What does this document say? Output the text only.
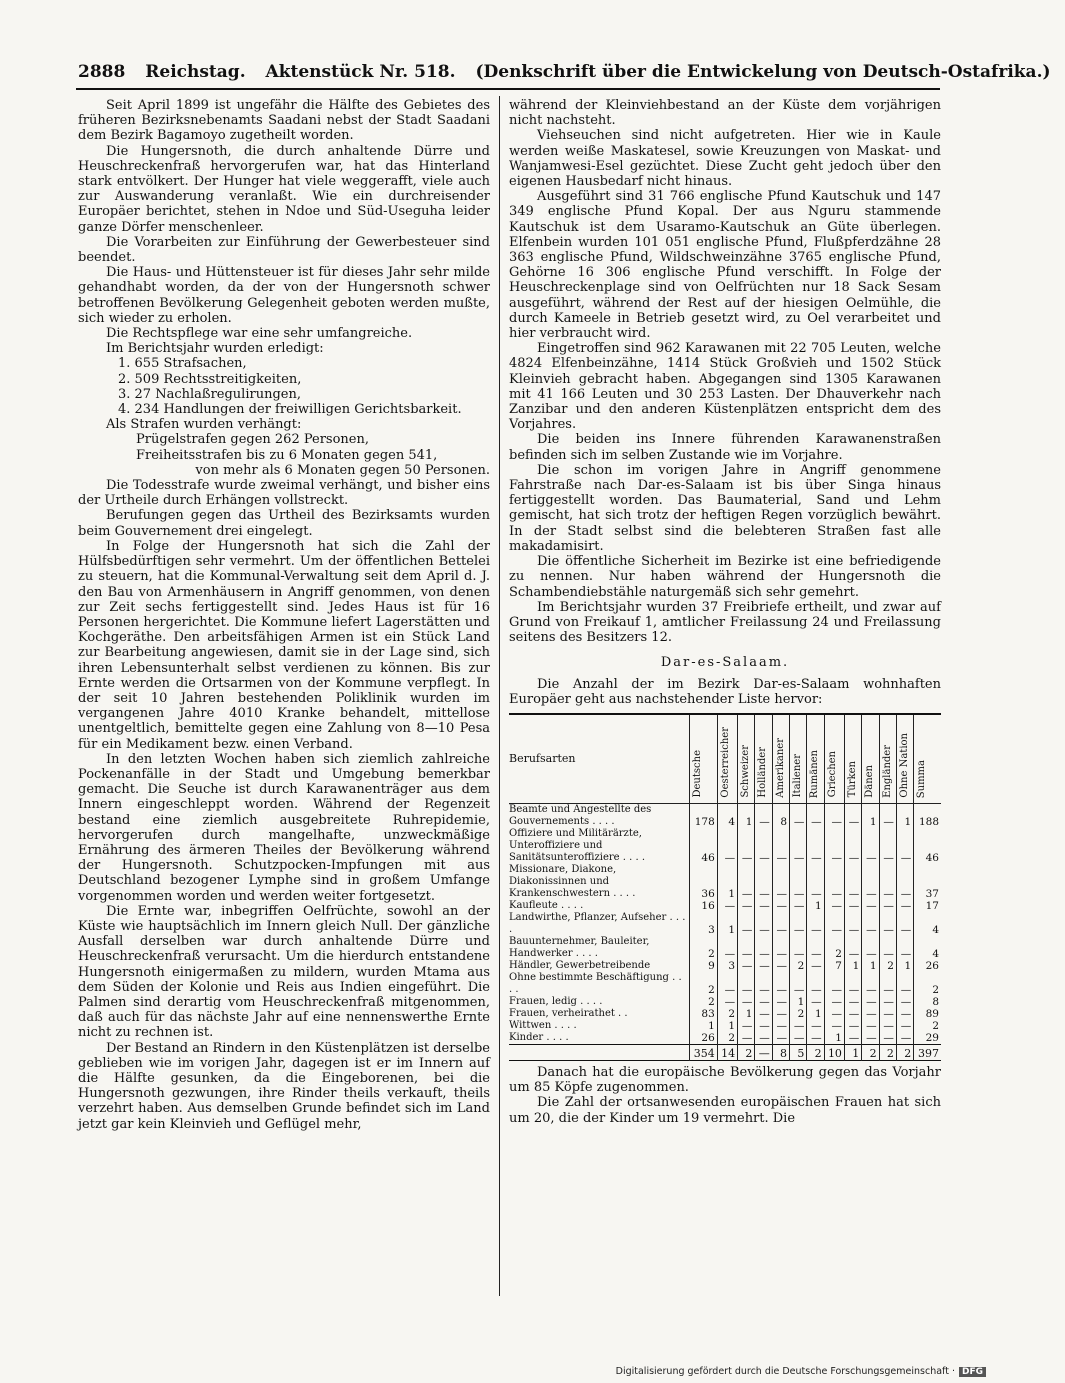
2888 Reichstag. Aktenstück Nr. 518. (Denkschrift über die Entwickelung von Deutsch-Ostafrika.)

Seit April 1899 ist ungefähr die Hälfte des Gebietes des früheren Bezirksnebenamts Saadani nebst der Stadt Saadani dem Bezirk Bagamoyo zugetheilt worden.

Die Hungersnoth, die durch anhaltende Dürre und Heuschreckenfraß hervorgerufen war, hat das Hinterland stark entvölkert. Der Hunger hat viele weggerafft, viele auch zur Auswanderung veranlaßt. Wie ein durchreisender Europäer berichtet, stehen in Ndoe und Süd-Useguha leider ganze Dörfer menschenleer.

Die Vorarbeiten zur Einführung der Gewerbesteuer sind beendet.

Die Haus- und Hüttensteuer ist für dieses Jahr sehr milde gehandhabt worden, da der von der Hungersnoth schwer betroffenen Bevölkerung Gelegenheit geboten werden mußte, sich wieder zu erholen.

Die Rechtspflege war eine sehr umfangreiche.

Im Berichtsjahr wurden erledigt:

1. 655 Strafsachen,
2. 509 Rechtsstreitigkeiten,
3. 27 Nachlaßregulirungen,
4. 234 Handlungen der freiwilligen Gerichtsbarkeit.

Als Strafen wurden verhängt:

Prügelstrafen gegen 262 Personen,
Freiheitsstrafen bis zu 6 Monaten gegen 541,
von mehr als 6 Monaten gegen 50 Personen.

Die Todesstrafe wurde zweimal verhängt, und bisher eins der Urtheile durch Erhängen vollstreckt.

Berufungen gegen das Urtheil des Bezirksamts wurden beim Gouvernement drei eingelegt.

In Folge der Hungersnoth hat sich die Zahl der Hülfsbedürftigen sehr vermehrt. Um der öffentlichen Bettelei zu steuern, hat die Kommunal-Verwaltung seit dem April d. J. den Bau von Armenhäusern in Angriff genommen, von denen zur Zeit sechs fertiggestellt sind. Jedes Haus ist für 16 Personen hergerichtet. Die Kommune liefert Lagerstätten und Kochgeräthe. Den arbeitsfähigen Armen ist ein Stück Land zur Bearbeitung angewiesen, damit sie in der Lage sind, sich ihren Lebensunterhalt selbst verdienen zu können. Bis zur Ernte werden die Ortsarmen von der Kommune verpflegt. In der seit 10 Jahren bestehenden Poliklinik wurden im vergangenen Jahre 4010 Kranke behandelt, mittellose unentgeltlich, bemittelte gegen eine Zahlung von 8—10 Pesa für ein Medikament bezw. einen Verband.

In den letzten Wochen haben sich ziemlich zahlreiche Pockenanfälle in der Stadt und Umgebung bemerkbar gemacht. Die Seuche ist durch Karawanenträger aus dem Innern eingeschleppt worden. Während der Regenzeit bestand eine ziemlich ausgebreitete Ruhrepidemie, hervorgerufen durch mangelhafte, unzweckmäßige Ernährung des ärmeren Theiles der Bevölkerung während der Hungersnoth. Schutzpocken-Impfungen mit aus Deutschland bezogener Lymphe sind in großem Umfange vorgenommen worden und werden weiter fortgesetzt.

Die Ernte war, inbegriffen Oelfrüchte, sowohl an der Küste wie hauptsächlich im Innern gleich Null. Der gänzliche Ausfall derselben war durch anhaltende Dürre und Heuschreckenfraß verursacht. Um die hierdurch entstandene Hungersnoth einigermaßen zu mildern, wurden Mtama aus dem Süden der Kolonie und Reis aus Indien eingeführt. Die Palmen sind derartig vom Heuschreckenfraß mitgenommen, daß auch für das nächste Jahr auf eine nennenswerthe Ernte nicht zu rechnen ist.

Der Bestand an Rindern in den Küstenplätzen ist derselbe geblieben wie im vorigen Jahr, dagegen ist er im Innern auf die Hälfte gesunken, da die Eingeborenen, bei die Hungersnoth gezwungen, ihre Rinder theils verkauft, theils verzehrt haben. Aus demselben Grunde befindet sich im Land jetzt gar kein Kleinvieh und Geflügel mehr,

während der Kleinviehbestand an der Küste dem vorjährigen nicht nachsteht.

Viehseuchen sind nicht aufgetreten. Hier wie in Kaule werden weiße Maskatesel, sowie Kreuzungen von Maskat- und Wanjamwesi-Esel gezüchtet. Diese Zucht geht jedoch über den eigenen Hausbedarf nicht hinaus.

Ausgeführt sind 31 766 englische Pfund Kautschuk und 147 349 englische Pfund Kopal. Der aus Nguru stammende Kautschuk ist dem Usaramo-Kautschuk an Güte überlegen. Elfenbein wurden 101 051 englische Pfund, Flußpferdzähne 28 363 englische Pfund, Wildschweinzähne 3765 englische Pfund, Gehörne 16 306 englische Pfund verschifft. In Folge der Heuschreckenplage sind von Oelfrüchten nur 18 Sack Sesam ausgeführt, während der Rest auf der hiesigen Oelmühle, die durch Kameele in Betrieb gesetzt wird, zu Oel verarbeitet und hier verbraucht wird.

Eingetroffen sind 962 Karawanen mit 22 705 Leuten, welche 4824 Elfenbeinzähne, 1414 Stück Großvieh und 1502 Stück Kleinvieh gebracht haben. Abgegangen sind 1305 Karawanen mit 41 166 Leuten und 30 253 Lasten. Der Dhauverkehr nach Zanzibar und den anderen Küstenplätzen entspricht dem des Vorjahres.

Die beiden ins Innere führenden Karawanenstraßen befinden sich im selben Zustande wie im Vorjahre.

Die schon im vorigen Jahre in Angriff genommene Fahrstraße nach Dar-es-Salaam ist bis über Singa hinaus fertiggestellt worden. Das Baumaterial, Sand und Lehm gemischt, hat sich trotz der heftigen Regen vorzüglich bewährt. In der Stadt selbst sind die belebteren Straßen fast alle makadamisirt.

Die öffentliche Sicherheit im Bezirke ist eine befriedigende zu nennen. Nur haben während der Hungersnoth die Schambendiebstähle naturgemäß sich sehr gemehrt.

Im Berichtsjahr wurden 37 Freibriefe ertheilt, und zwar auf Grund von Freikauf 1, amtlicher Freilassung 24 und Freilassung seitens des Besitzers 12.

Dar-es-Salaam.

Die Anzahl der im Bezirk Dar-es-Salaam wohnhaften Europäer geht aus nachstehender Liste hervor:

Berufsarten	Deutsche	Oesterreicher	Schweizer	Holländer	Amerikaner	Italiener	Rumänen	Griechen	Türken	Dänen	Engländer	Ohne Nation	Summa
Beamte und Angestellte des Gouvernements . . . .	178	4	1	—	8	—	—	—	—	1	—	1	188
Offiziere und Militärärzte, Unteroffiziere und Sanitätsunteroffiziere . . . .	46	—	—	—	—	—	—	—	—	—	—	—	46
Missionare, Diakone, Diakonissinnen und Krankenschwestern . . . .	36	1	—	—	—	—	—	—	—	—	—	—	37
Kaufleute . . . .	16	—	—	—	—	—	1	—	—	—	—	—	17
Landwirthe, Pflanzer, Aufseher . . . .	3	1	—	—	—	—	—	—	—	—	—	—	4
Bauunternehmer, Bauleiter, Handwerker . . . .	2	—	—	—	—	—	—	2	—	—	—	—	4
Händler, Gewerbetreibende	9	3	—	—	—	2	—	7	1	1	2	1	26
Ohne bestimmte Beschäftigung . . . .	2	—	—	—	—	—	—	—	—	—	—	—	2
Frauen, ledig . . . .	2	—	—	—	—	1	—	—	—	—	—	—	8
Frauen, verheirathet . .	83	2	1	—	—	2	1	—	—	—	—	—	89
Wittwen . . . .	1	1	—	—	—	—	—	—	—	—	—	—	2
Kinder . . . .	26	2	—	—	—	—	—	1	—	—	—	—	29
	354	14	2	—	8	5	2	10	1	2	2	2	397

Danach hat die europäische Bevölkerung gegen das Vorjahr um 85 Köpfe zugenommen.

Die Zahl der ortsanwesenden europäischen Frauen hat sich um 20, die der Kinder um 19 vermehrt. Die

Digitalisierung gefördert durch die Deutsche Forschungsgemeinschaft · DFG
